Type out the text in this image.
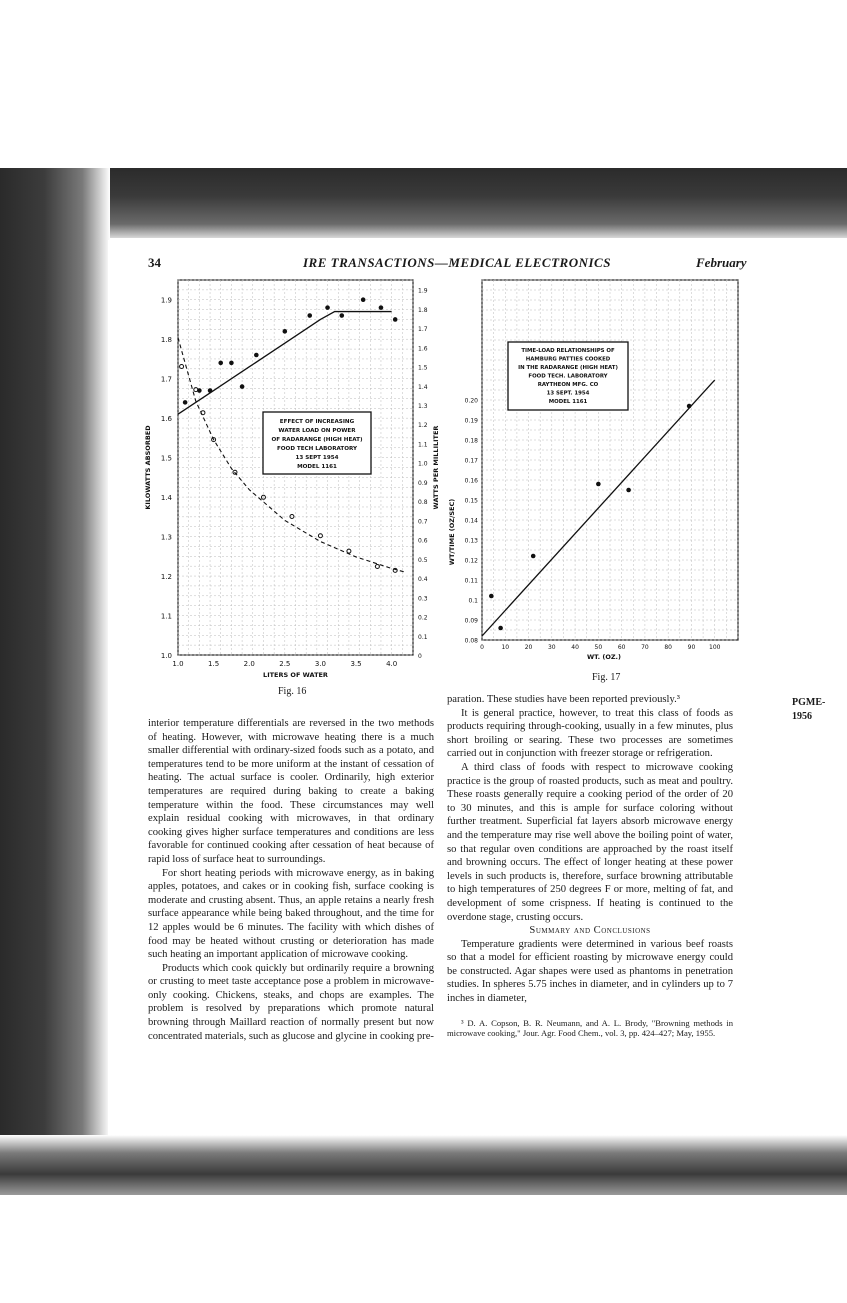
34	IRE TRANSACTIONS—MEDICAL ELECTRONICS	February
1.0	1.5	2.0	2.5	3.0	3.5	4.0
1.0
1.1
1.2
1.3
1.4
1.5
1.6
1.7
1.8
1.9
0
0.1
0.2
0.3
0.4
0.5
0.6
0.7
0.8
0.9
1.0
1.1
1.2
1.3
1.4
1.5
1.6
1.7
1.8
1.9
LITERS OF WATER
KILOWATTS ABSORBED	WATTS PER MILLILITER
EFFECT OF INCREASING
WATER LOAD ON POWER
OF RADARANGE (HIGH HEAT)
FOOD TECH LABORATORY
13 SEPT 1954
MODEL 1161
Fig. 16
0	10	20	30	40	50	60	70	80	90 100
0.08
0.09
0.1
0.11
0.12
0.13
0.14
0.15
0.16
0.17
0.18
0.19
0.20
WT. (OZ.)
WT/TIME (OZ/SEC)
TIME-LOAD RELATIONSHIPS OF
HAMBURG PATTIES COOKED
IN THE RADARANGE (HIGH HEAT)
FOOD TECH. LABORATORY
RAYTHEON MFG. CO
13 SEPT. 1954
MODEL 1161
Fig. 17

interior temperature differentials are reversed in the two methods of heating. However, with microwave heating there is a much smaller differential with ordinary-sized foods such as a potato, and temperatures tend to be more uniform at the instant of cessation of heating. The actual surface is cooler. Ordinarily, high exterior temperatures are required during baking to create a baking temperature within the food. These circumstances may well explain residual cooking with microwaves, in that ordinary cooking gives higher surface temperatures and conditions are less favorable for continued cooking after cessation of heat because of rapid loss of surface heat to surroundings.

For short heating periods with microwave energy, as in baking apples, potatoes, and cakes or in cooking fish, surface cooking is moderate and crusting absent. Thus, an apple retains a nearly fresh surface appearance while being baked throughout, and the time for 12 apples would be 6 minutes. The facility with which dishes of food may be heated without crusting or deterioration has made such heating an important application of microwave cooking.

Products which cook quickly but ordinarily require a browning or crusting to meet taste acceptance pose a problem in microwave-only cooking. Chickens, steaks, and chops are examples. The problem is resolved by preparations which promote natural browning through Maillard reaction of normally present but now concentrated materials, such as glucose and glycine in cooking pre-

paration. These studies have been reported previously.³

It is general practice, however, to treat this class of foods as products requiring through-cooking, usually in a few minutes, plus short broiling or searing. These two processes are sometimes carried out in conjunction with freezer storage or refrigeration.

A third class of foods with respect to microwave cooking practice is the group of roasted products, such as meat and poultry. These roasts generally require a cooking period of the order of 20 to 30 minutes, and this is ample for surface coloring without further treatment. Superficial fat layers absorb microwave energy and the temperature may rise well above the boiling point of water, so that regular oven conditions are approached by the roast itself and browning occurs. The effect of longer heating at these power levels in such products is, therefore, surface browning attributable to high temperatures of 250 degrees F or more, melting of fat, and development of some crispness. If heating is continued to the overdone stage, crusting occurs.

Summary and Conclusions

Temperature gradients were determined in various beef roasts so that a model for efficient roasting by microwave energy could be constructed. Agar shapes were used as phantoms in penetration studies. In spheres 5.75 inches in diameter, and in cylinders up to 7 inches in diameter,

³ D. A. Copson, B. R. Neumann, and A. L. Brody, "Browning methods in microwave cooking," Jour. Agr. Food Chem., vol. 3, pp. 424–427; May, 1955.

PGME-
1956
